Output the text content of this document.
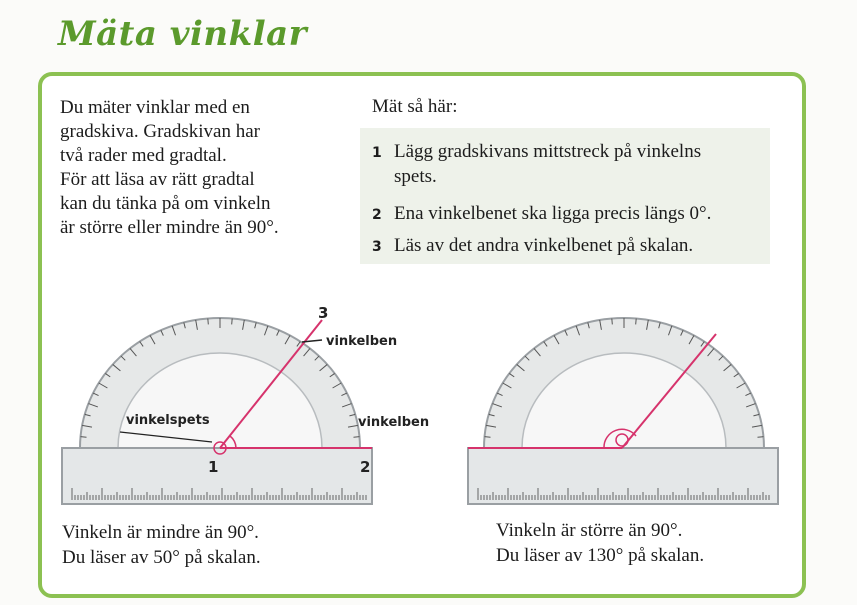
Mäta vinklar
Du mäter vinklar med en
gradskiva. Gradskivan har
två rader med gradtal.
För att läsa av rätt gradtal
kan du tänka på om vinkeln
är större eller mindre än 90°.
Mät så här:
1 Lägg gradskivans mittstreck på vinkelns
spets.
2 Ena vinkelbenet ska ligga precis längs 0°.
3 Läs av det andra vinkelbenet på skalan.
vinkelben
vinkelspets	vinkelben
3
1	2
Vinkeln är mindre än 90°.
Du läser av 50° på skalan.
Vinkeln är större än 90°.
Du läser av 130° på skalan.
